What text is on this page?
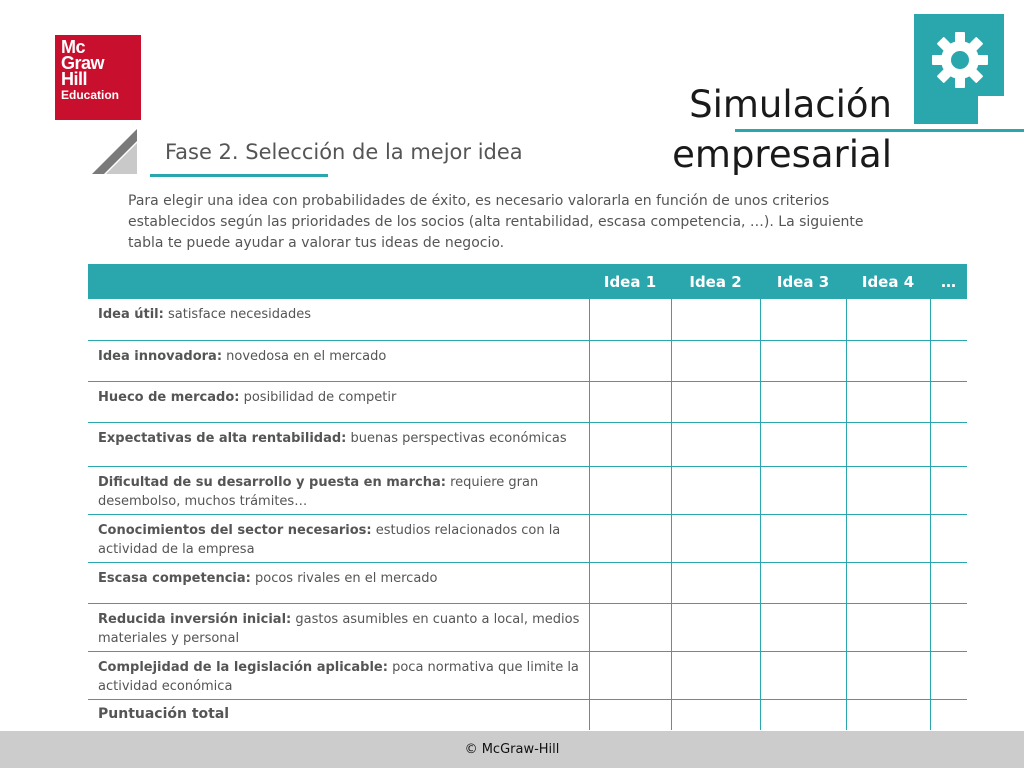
Mc
Graw
Hill
Education	Simulación empresarial
Fase 2. Selección de la mejor idea

Para elegir una idea con probabilidades de éxito, es necesario valorarla en función de unos criterios establecidos según las prioridades de los socios (alta rentabilidad, escasa competencia, …). La siguiente tabla te puede ayudar a valorar tus ideas de negocio.

	Idea 1	Idea 2	Idea 3	Idea 4	…
Idea útil: satisface necesidades					
Idea innovadora: novedosa en el mercado					
Hueco de mercado: posibilidad de competir					
Expectativas de alta rentabilidad: buenas perspectivas económicas					
Dificultad de su desarrollo y puesta en marcha: requiere gran desembolso, muchos trámites…					
Conocimientos del sector necesarios: estudios relacionados con la actividad de la empresa					
Escasa competencia: pocos rivales en el mercado					
Reducida inversión inicial: gastos asumibles en cuanto a local, medios materiales y personal					
Complejidad de la legislación aplicable: poca normativa que limite la actividad económica					
Puntuación total					
© McGraw-Hill
